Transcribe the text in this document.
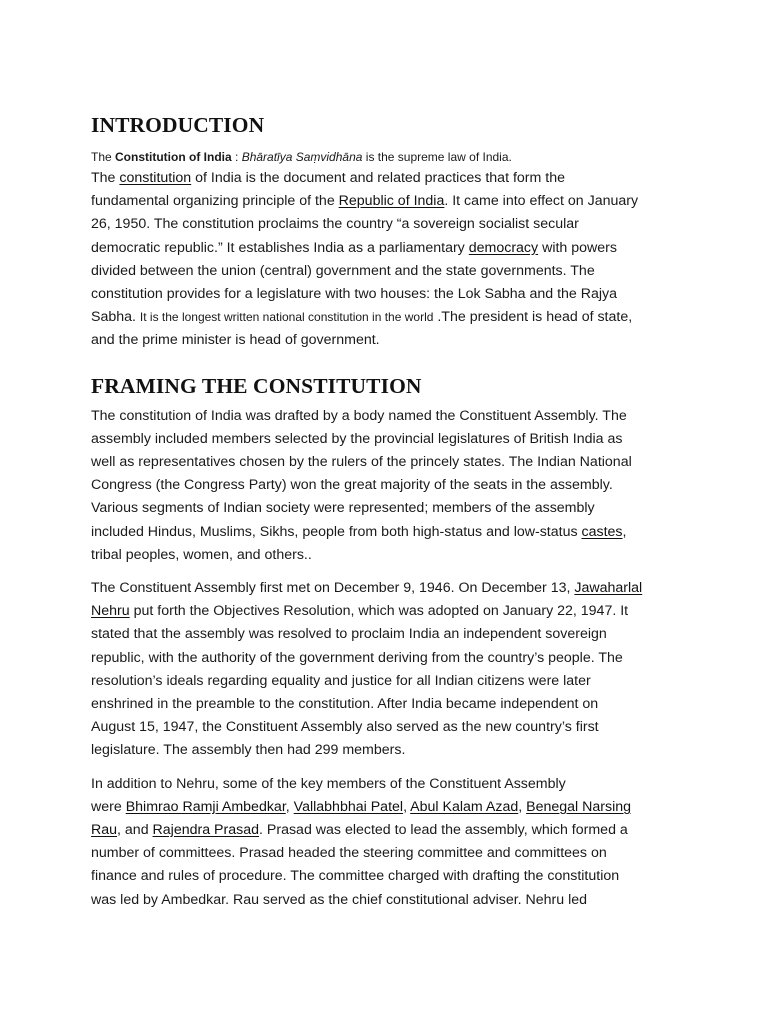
INTRODUCTION
The Constitution of India : Bhāratīya Saṃvidhāna is the supreme law of India.

The constitution of India is the document and related practices that form the

fundamental organizing principle of the Republic of India. It came into effect on January

26, 1950. The constitution proclaims the country “a sovereign socialist secular

democratic republic.” It establishes India as a parliamentary democracy with powers

divided between the union (central) government and the state governments. The

constitution provides for a legislature with two houses: the Lok Sabha and the Rajya

Sabha. It is the longest written national constitution in the world .The president is head of state,

and the prime minister is head of government.

FRAMING THE CONSTITUTION

The constitution of India was drafted by a body named the Constituent Assembly. The

assembly included members selected by the provincial legislatures of British India as

well as representatives chosen by the rulers of the princely states. The Indian National

Congress (the Congress Party) won the great majority of the seats in the assembly.

Various segments of Indian society were represented; members of the assembly

included Hindus, Muslims, Sikhs, people from both high-status and low-status castes,

tribal peoples, women, and others..

The Constituent Assembly first met on December 9, 1946. On December 13, Jawaharlal

Nehru put forth the Objectives Resolution, which was adopted on January 22, 1947. It

stated that the assembly was resolved to proclaim India an independent sovereign

republic, with the authority of the government deriving from the country’s people. The

resolution’s ideals regarding equality and justice for all Indian citizens were later

enshrined in the preamble to the constitution. After India became independent on

August 15, 1947, the Constituent Assembly also served as the new country’s first

legislature. The assembly then had 299 members.

In addition to Nehru, some of the key members of the Constituent Assembly

were Bhimrao Ramji Ambedkar, Vallabhbhai Patel, Abul Kalam Azad, Benegal Narsing

Rau, and Rajendra Prasad. Prasad was elected to lead the assembly, which formed a

number of committees. Prasad headed the steering committee and committees on

finance and rules of procedure. The committee charged with drafting the constitution

was led by Ambedkar. Rau served as the chief constitutional adviser. Nehru led
